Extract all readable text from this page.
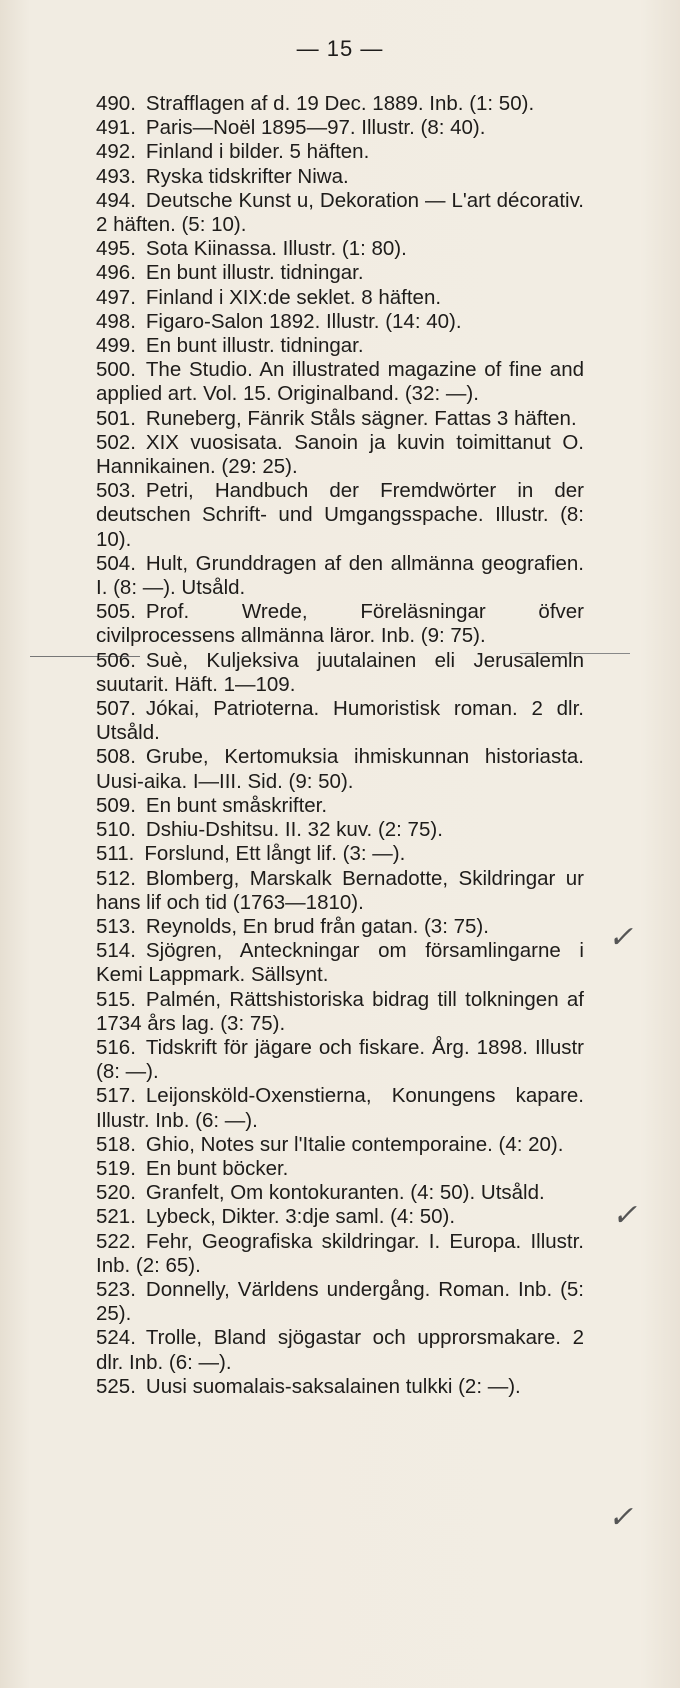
— 15 —
✓
✓
✓

490. Strafflagen af d. 19 Dec. 1889. Inb. (1: 50).

491. Paris—Noël 1895—97. Illustr. (8: 40).

492. Finland i bilder. 5 häften.

493. Ryska tidskrifter Niwa.

494. Deutsche Kunst u, Dekoration — L'art décorativ. 2 häften. (5: 10).

495. Sota Kiinassa. Illustr. (1: 80).

496. En bunt illustr. tidningar.

497. Finland i XIX:de seklet. 8 häften.

498. Figaro-Salon 1892. Illustr. (14: 40).

499. En bunt illustr. tidningar.

500. The Studio. An illustrated magazine of fine and applied art. Vol. 15. Originalband. (32: —).

501. Runeberg, Fänrik Ståls sägner. Fattas 3 häften.

502. XIX vuosisata. Sanoin ja kuvin toimittanut O. Hannikainen. (29: 25).

503. Petri, Handbuch der Fremdwörter in der deutschen Schrift- und Umgangsspache. Illustr. (8: 10).

504. Hult, Grunddragen af den allmänna geografien. I. (8: —). Utsåld.

505. Prof. Wrede, Föreläsningar öfver civilprocessens allmänna läror. Inb. (9: 75).

506. Suè, Kuljeksiva juutalainen eli Jerusalemln suutarit. Häft. 1—109.

507. Jókai, Patrioterna. Humoristisk roman. 2 dlr. Utsåld.

508. Grube, Kertomuksia ihmiskunnan historiasta. Uusi-aika. I—III. Sid. (9: 50).

509. En bunt småskrifter.

510. Dshiu-Dshitsu. II. 32 kuv. (2: 75).

511. Forslund, Ett långt lif. (3: —).

512. Blomberg, Marskalk Bernadotte, Skildringar ur hans lif och tid (1763—1810).

513. Reynolds, En brud från gatan. (3: 75).

514. Sjögren, Anteckningar om församlingarne i Kemi Lappmark. Sällsynt.

515. Palmén, Rättshistoriska bidrag till tolkningen af 1734 års lag. (3: 75).

516. Tidskrift för jägare och fiskare. Årg. 1898. Illustr (8: —).

517. Leijonsköld-Oxenstierna, Konungens kapare. Illustr. Inb. (6: —).

518. Ghio, Notes sur l'Italie contemporaine. (4: 20).

519. En bunt böcker.

520. Granfelt, Om kontokuranten. (4: 50). Utsåld.

521. Lybeck, Dikter. 3:dje saml. (4: 50).

522. Fehr, Geografiska skildringar. I. Europa. Illustr. Inb. (2: 65).

523. Donnelly, Världens undergång. Roman. Inb. (5: 25).

524. Trolle, Bland sjögastar och upprorsmakare. 2 dlr. Inb. (6: —).

525. Uusi suomalais-saksalainen tulkki (2: —).
